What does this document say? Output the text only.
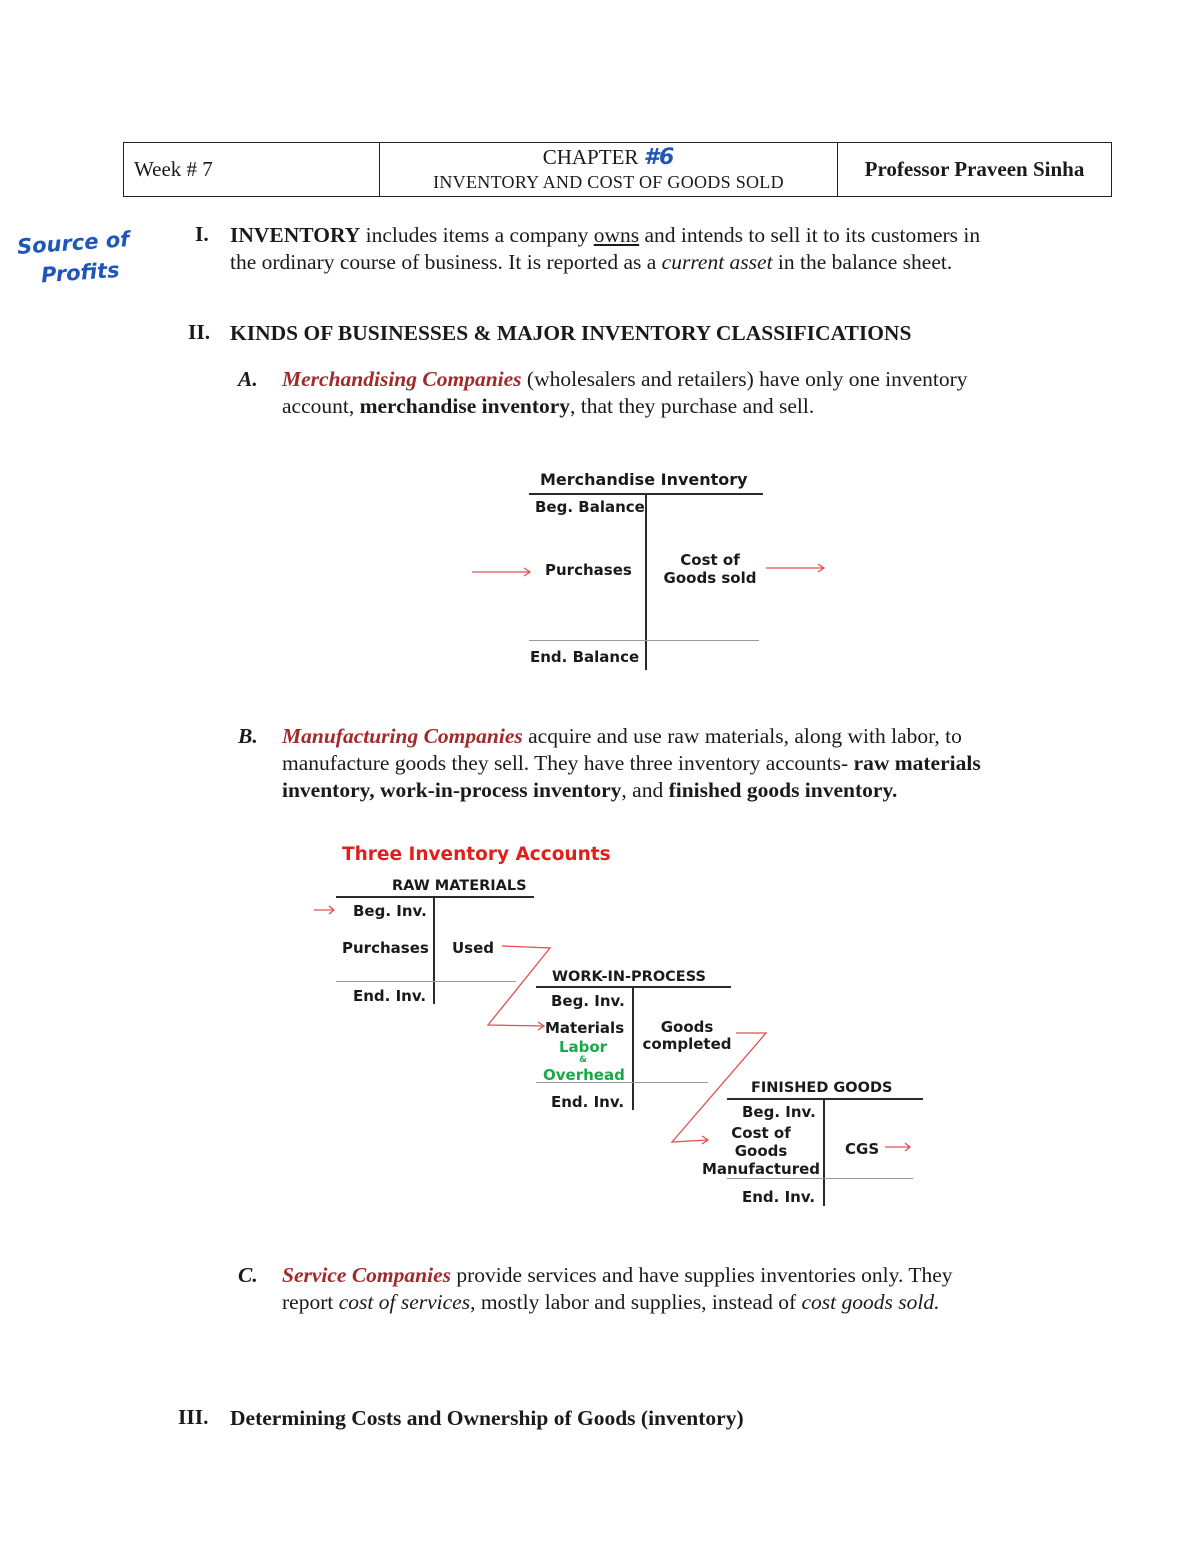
Week # 7
CHAPTER #6
INVENTORY AND COST OF GOODS SOLD
Professor Praveen Sinha
Source of
Profits
I. INVENTORY includes items a company owns and intends to sell it to its customers in
the ordinary course of business. It is reported as a current asset in the balance sheet.
II. KINDS OF BUSINESSES & MAJOR INVENTORY CLASSIFICATIONS
A. Merchandising Companies (wholesalers and retailers) have only one inventory
account, merchandise inventory, that they purchase and sell.
Merchandise Inventory
Beg. Balance
Purchases
Cost of
Goods sold
End. Balance
B. Manufacturing Companies acquire and use raw materials, along with labor, to
manufacture goods they sell. They have three inventory accounts- raw materials
inventory, work-in-process inventory, and finished goods inventory.
Three Inventory Accounts
RAW MATERIALS
Beg. Inv.
Purchases Used
End. Inv.
WORK-IN-PROCESS
Beg. Inv.
Materials
Labor
&
Overhead
Goods
completed
End. Inv.
FINISHED GOODS
Beg. Inv.
Cost of
Goods
Manufactured
CGS
End. Inv.
C. Service Companies provide services and have supplies inventories only. They
report cost of services, mostly labor and supplies, instead of cost goods sold.
III. Determining Costs and Ownership of Goods (inventory)
